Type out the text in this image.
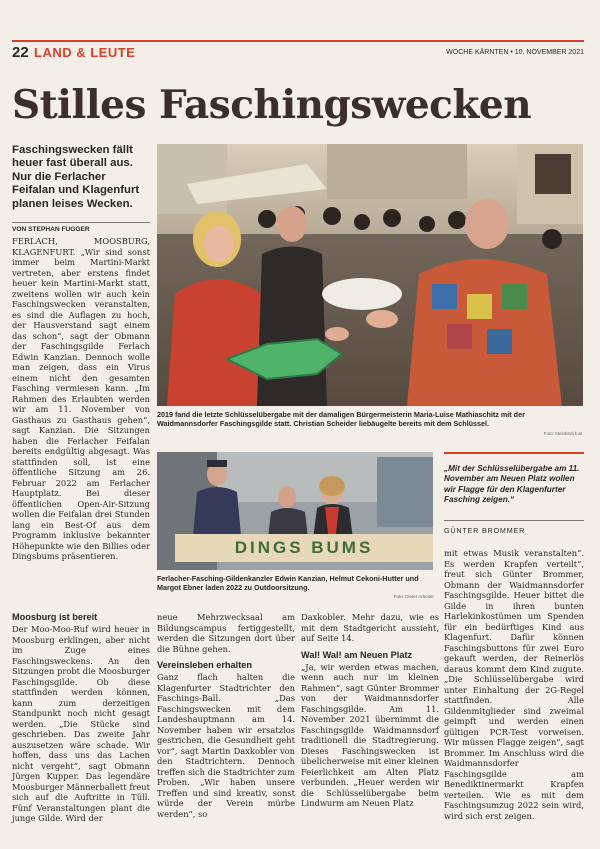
22 LAND & LEUTE	WOCHE KÄRNTEN • 10. NOVEMBER 2021
Stilles Faschingswecken
Faschingswecken fällt heuer fast überall aus. Nur die Ferlacher Feifalan und Klagenfurt planen leises Wecken.
VON STEPHAN FUGGER

FERLACH, MOOSBURG, KLAGENFURT. „Wir sind sonst immer beim Martini-Markt vertreten, aber erstens findet heuer kein Martini-Markt statt, zweitens wollen wir auch kein Faschingswecken veranstalten, es sind die Auflagen zu hoch, der Hausverstand sagt einem das schon“, sagt der Obmann der Faschingsgilde Ferlach Edwin Kanzian. Dennoch wolle man zeigen, dass ein Virus einem nicht den gesamten Fasching vermiesen kann. „Im Rahmen des Erlaubten werden wir am 11. November von Gasthaus zu Gasthaus gehen“, sagt Kanzian. Die Sitzungen haben die Ferlacher Feifalan bereits endgültig abgesagt. Was stattfinden soll, ist eine öffentliche Sitzung am 26. Februar 2022 am Ferlacher Hauptplatz. Bei dieser öffentlichen Open-Air-Sitzung wollen die Feifalan drei Stunden lang ein Best-Of aus dem Programm inklusive bekannter Höhepunkte wie den Billies oder Dingsbums präsentieren.

Moosburg ist bereit

Der Moo-Moo-Ruf wird heuer in Moosburg erklingen, aber nicht im Zuge eines Faschingsweckens. An den Sitzungen probt die Moosburger Faschingsgilde. Ob diese stattfinden werden können, kann zum derzeitigen Standpunkt noch nicht gesagt werden. „Die Stücke sind geschrieben. Das zweite Jahr auszusetzen wäre schade. Wir hoffen, dass uns das Lachen nicht vergeht“, sagt Obmann Jürgen Kupper. Das legendäre Moosburger Männerballett freut sich auf die Auftritte in Tüll. Fünf Veranstaltungen plant die junge Gilde. Wird der

2019 fand die letzte Schlüsselübergabe mit der damaligen Bürgermeisterin Maria-Luise Mathiaschitz mit der Waidmannsdorfer Faschingsgilde statt. Christian Scheider liebäugelte bereits mit dem Schlüssel.
Foto: Meinbezirk.at
DINGS BUMS
Ferlacher-Fasching-Gildenkanzler Edwin Kanzian, Helmut Cekoni-Hutter und Margot Ebner laden 2022 zu Outdoorsitzung.
Foto: Dieter Arbeiter
„Mit der Schlüsselübergabe am 11. November am Neuen Platz wollen wir Flagge für den Klagenfurter Fasching zeigen.“
GÜNTER BROMMER

neue Mehrzwecksaal am Bildungscampus fertiggestellt, werden die Sitzungen dort über die Bühne gehen.

Vereinsleben erhalten

Ganz flach halten die Klagenfurter Stadtrichter den Faschings-Ball. „Das Faschingswecken mit dem Landeshauptmann am 14. November haben wir ersatzlos gestrichen, die Gesundheit geht vor“, sagt Martin Daxkobler von den Stadtrichtern. Dennoch treffen sich die Stadtrichter zum Proben. „Wir haben unsere Treffen und sind kreativ, sonst würde der Verein mürbe werden“, so

Daxkobler. Mehr dazu, wie es mit dem Stadtgericht aussieht, auf Seite 14.

Wal! Wal! am Neuen Platz

„Ja, wir werden etwas machen, wenn auch nur im kleinen Rahmen“, sagt Günter Brommer von der Waidmannsdorfer Faschingsgilde. Am 11. November 2021 übernimmt die Faschingsgilde Waidmannsdorf traditionell die Stadtregierung. Dieses Faschingswecken ist übelicherweise mit einer kleinen Feierlichkeit am Alten Platz verbunden. „Heuer werden wir die Schlüsselübergabe beim Lindwurm am Neuen Platz

mit etwas Musik veranstalten“. Es werden Krapfen verteilt“, freut sich Günter Brommer, Obmann der Waidmannsdorfer Faschingsgilde. Heuer bittet die Gilde in ihren bunten Harlekinkostümen um Spenden für ein bedürftiges Kind aus Klagenfurt. Dafür können Faschingsbuttons für zwei Euro gekauft werden, der Reinerlös daraus kommt dem Kind zugute. „Die Schlüsselübergabe wird unter Einhaltung der 2G-Regel stattfinden. Alle Gildenmitglieder sind zweimal geimpft und werden einen gültigen PCR-Test vorweisen. Wir müssen Flagge zeigen“, sagt Brommer. Im Anschluss wird die Waidmannsdorfer Faschingsgilde am Benediktinermarkt Krapfen verteilen. Wie es mit dem Faschingsumzug 2022 sein wird, wird sich erst zeigen.
